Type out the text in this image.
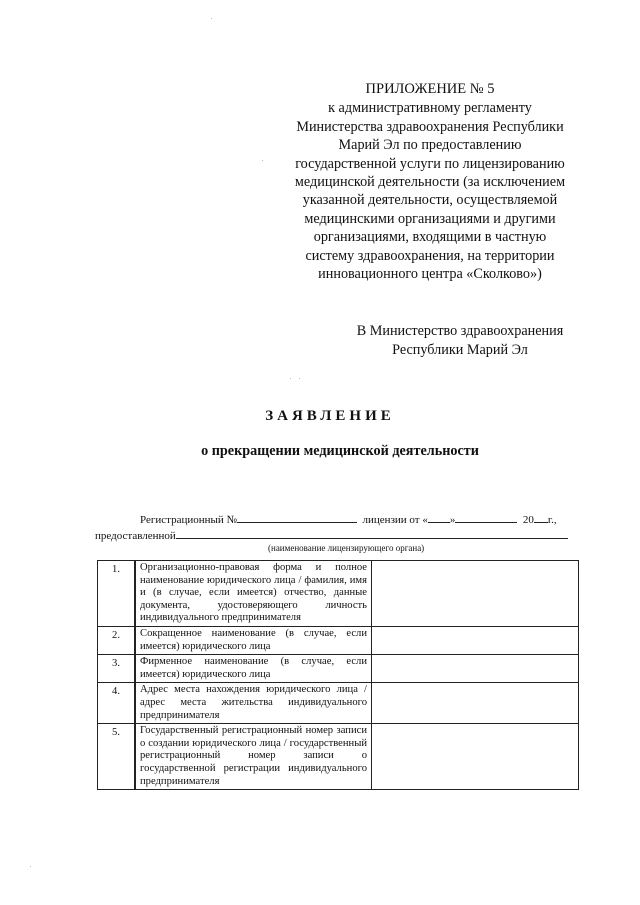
ПРИЛОЖЕНИЕ № 5
к административному регламенту
Министерства здравоохранения Республики
Марий Эл по предоставлению
государственной услуги по лицензированию
медицинской деятельности (за исключением
указанной деятельности, осуществляемой
медицинскими организациями и другими
организациями, входящими в частную
систему здравоохранения, на территории
инновационного центра «Сколково»)
В Министерство здравоохранения
Республики Марий Эл
ЗАЯВЛЕНИЕ
о прекращении медицинской деятельности
Регистрационный №	лицензии от « »	20 г.,
предоставленной
(наименование лицензирующего органа)
1.	Организационно-правовая форма и полное наименование юридического лица / фамилия, имя и (в случае, если имеется) отчество, данные документа, удостоверяющего личность индивидуального предпринимателя	
2.	Сокращенное наименование (в случае, если имеется) юридического лица	
3.	Фирменное наименование (в случае, если имеется) юридического лица	
4.	Адрес места нахождения юридического лица / адрес места жительства индивидуального предпринимателя	
5.	Государственный регистрационный номер записи о создании юридического лица / государственный регистрационный номер записи о государственной регистрации индивидуального предпринимателя	
